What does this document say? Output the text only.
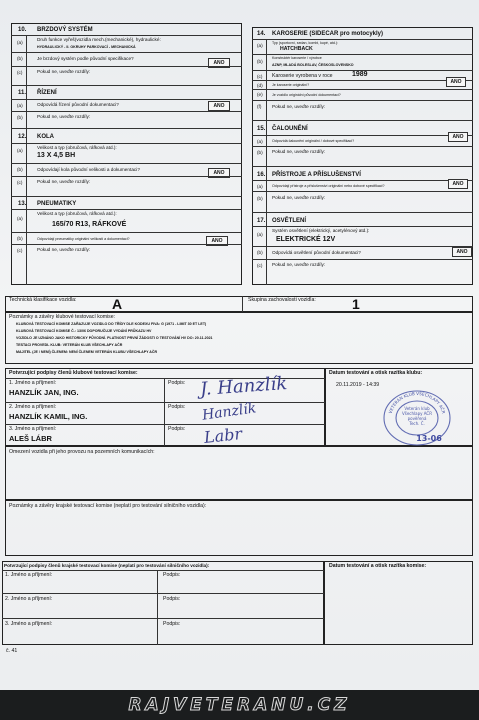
10. BRZDOVÝ SYSTÉM
(a)
Druh funkce vyřeš(vozidla mech.(mechanické), hydraulické:
HYDRAULICKÝ - II. OKRUHY PARKOVACÍ - MECHANICKÁ
(b)	Je brzdový systém podle původní specifikace?
ANO
(c)	Pokud ne, uveďte rozdíly:
11. ŘÍZENÍ
(a)	Odpovídá řízení původní dokumentaci?	ANO
(b)	Pokud ne, uveďte rozdíly:
12. KOLA
(a)
Velikost a typ (obručová, ráfková atd.):
13 X 4,5 BH
(b)	Odpovídají kola původní velikosti a dokumentaci?
ANO
(c)	Pokud ne, uveďte rozdíly:
13. PNEUMATIKY
(a)
Velikost a typ (obručová, ráfková atd.):
165/70 R13, RÁFKOVÉ
(b)	Odpovídají pneumatiky originální velikosti a dokumentaci?	ANO
(c)	Pokud ne, uveďte rozdíly:
14. KAROSERIE (SIDECAR pro motocykly)
(a)	Typ (sportovní, sedan, kombi, kupé, atd.):
HATCHBACK
(b)
Konstruktér karoserie / výrobce
AZNP, MLADÁ BOLESLAV, ČESKOSLOVENSKO
(c) Karoserie vyrobena v roce	1989
(d)	Je karoserie originální?	ANO
(e)	Je vozidlo originální původní dokumentaci?
(f) Pokud ne, uveďte rozdíly:
15. ČALOUNĚNÍ
(a)	Odpovídá čalounění originální / dobové specifikaci?
ANO
(b) Pokud ne, uveďte rozdíly:
16. PŘÍSTROJE A PŘÍSLUŠENSTVÍ
(a)	Odpovídají přístroje a příslušenství originální nebo dobové specifikaci?	ANO
(b) Pokud ne, uveďte rozdíly:
17. OSVĚTLENÍ
(a)
Systém osvětlení (elektrický, acetylénový atd.):
ELEKTRICKÉ 12V
(b) Odpovídá osvětlení původní dokumentaci?	ANO
(c) Pokud ne, uveďte rozdíly:
Technická klasifikace vozidla:	A	Skupina zachovalosti vozidla:	1
Poznámky a závěry klubové testovací komise:
KLUBOVÁ TESTOVACÍ KOMISE ZAŘAZUJE VOZIDLO DO TŘÍDY DLE KODEXU FIVA: G (1971 - LIMIT 30 ET LET)
KLUBOVÁ TESTOVACÍ KOMISE Č.: 13/06 DOPORUČUJE VYDÁNÍ PRŮKAZU HV
VOZIDLO JE UZNÁNO JAKO HISTORICKY PŮVODNÍ. PLATNOST PRVNÍ ŽÁDOSTI O TESTOVÁNÍ HV DO: 20.11.2021
TESTACI PROVEDL KLUB: VETERÁN KLUB VŠECHLAPY AČR
MAJITEL (JE / NENÍ) ČLENEM: NENÍ ČLENEM VETERÁN KLUBU VŠECHLAPY AČR
Potvrzující podpisy členů klubové testovací komise:
1. Jméno a příjmení:
HANZLÍK JAN, ING.
Podpis: J. Hanzlík
2. Jméno a příjmení:
HANZLÍK KAMIL, ING.
Podpis: Hanzlík
3. Jméno a příjmení:
ALEŠ LÁBR
Podpis: Labr
Datum testování a otisk razítka klubu:
20.11.2019 - 14:39
VETERÁN KLUB VŠECHLAPY AČR
Veterán klub
Všechlapy AČR
pověřená
Tech. Č.
13-06
Omezení vozidla při jeho provozu na pozemních komunikacích:
Poznámky a závěry krajské testovací komise (neplatí pro testování silničního vozidla):
Potvrzující podpisy členů krajské testovací komise (neplatí pro testování silničního vozidla):
1. Jméno a příjmení:	Podpis:
2. Jméno a příjmení:	Podpis:
3. Jméno a příjmení:	Podpis:
Datum testování a otisk razítka komise:
č. 41
RAJVETERANU.CZ
